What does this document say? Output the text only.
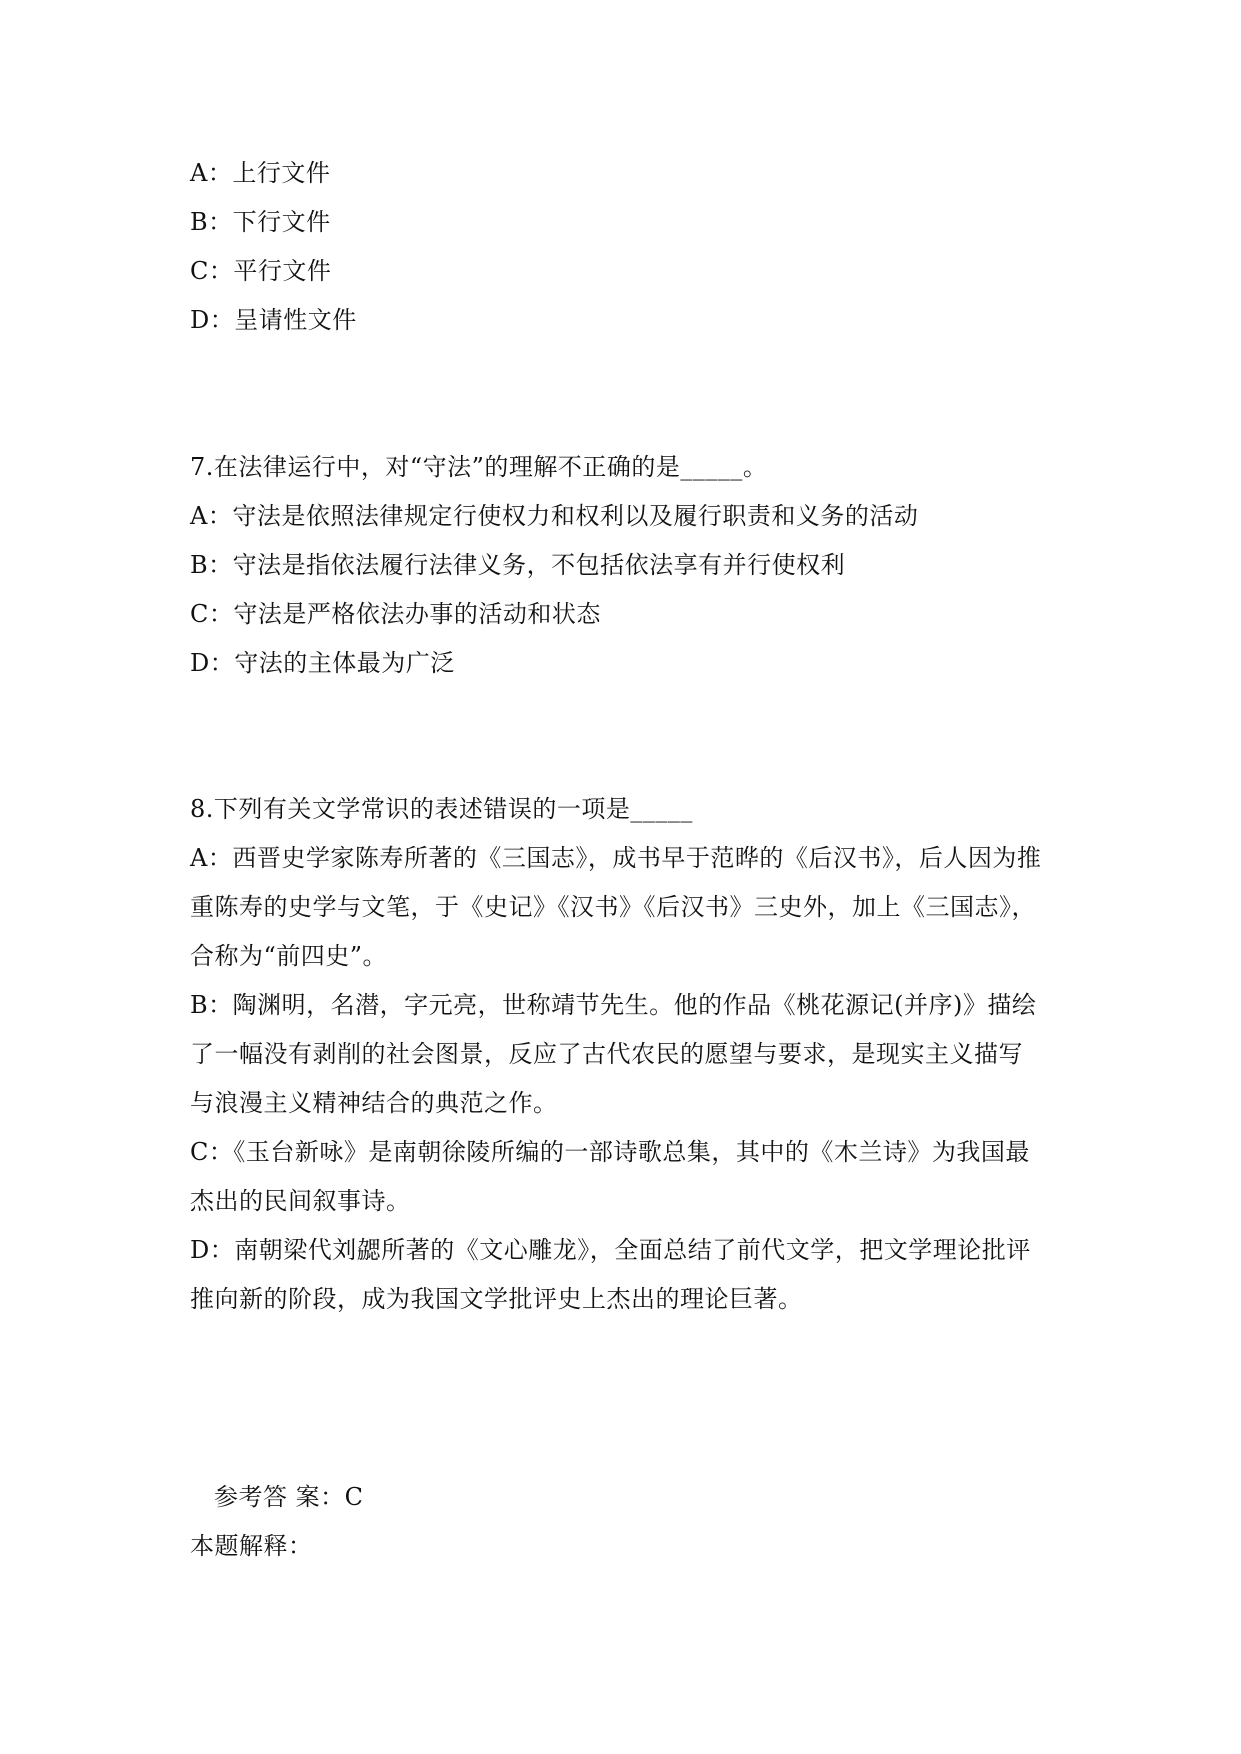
A：上行文件
B：下行文件
C：平行文件
D：呈请性文件
7.在法律运行中，对“守法”的理解不正确的是_____。
A：守法是依照法律规定行使权力和权利以及履行职责和义务的活动
B：守法是指依法履行法律义务，不包括依法享有并行使权利
C：守法是严格依法办事的活动和状态
D：守法的主体最为广泛
8.下列有关文学常识的表述错误的一项是_____
A：西晋史学家陈寿所著的《三国志》，成书早于范晔的《后汉书》，后人因为推
重陈寿的史学与文笔，于《史记》《汉书》《后汉书》三史外，加上《三国志》，
合称为“前四史”。
B：陶渊明，名潜，字元亮，世称靖节先生。他的作品《桃花源记(并序)》描绘
了一幅没有剥削的社会图景，反应了古代农民的愿望与要求，是现实主义描写
与浪漫主义精神结合的典范之作。
C：《玉台新咏》是南朝徐陵所编的一部诗歌总集，其中的《木兰诗》为我国最
杰出的民间叙事诗。
D：南朝梁代刘勰所著的《文心雕龙》，全面总结了前代文学，把文学理论批评
推向新的阶段，成为我国文学批评史上杰出的理论巨著。
参考答 案：C
本题解释：
